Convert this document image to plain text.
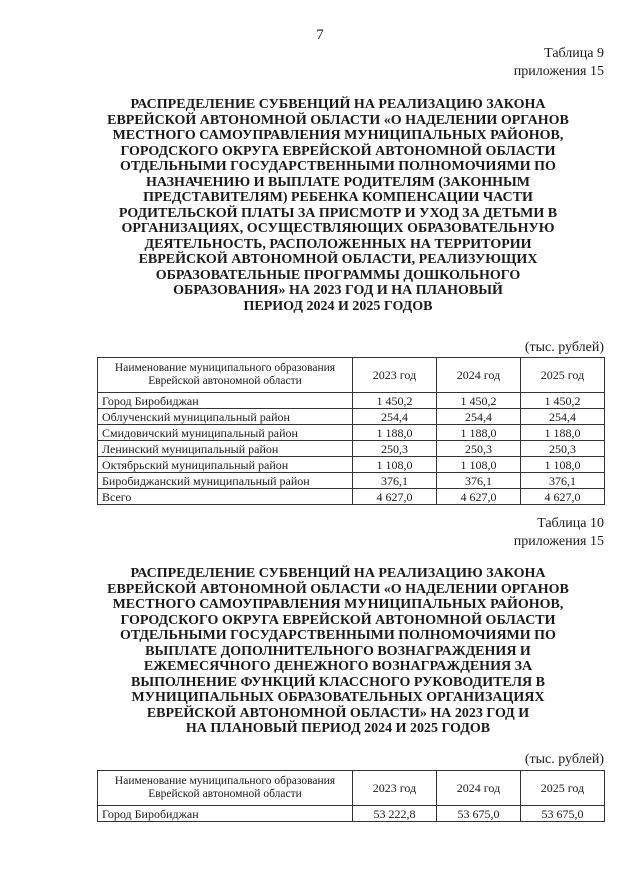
7
Таблица 9
приложения 15
РАСПРЕДЕЛЕНИЕ СУБВЕНЦИЙ НА РЕАЛИЗАЦИЮ ЗАКОНА
ЕВРЕЙСКОЙ АВТОНОМНОЙ ОБЛАСТИ «О НАДЕЛЕНИИ ОРГАНОВ
МЕСТНОГО САМОУПРАВЛЕНИЯ МУНИЦИПАЛЬНЫХ РАЙОНОВ,
ГОРОДСКОГО ОКРУГА ЕВРЕЙСКОЙ АВТОНОМНОЙ ОБЛАСТИ
ОТДЕЛЬНЫМИ ГОСУДАРСТВЕННЫМИ ПОЛНОМОЧИЯМИ ПО
НАЗНАЧЕНИЮ И ВЫПЛАТЕ РОДИТЕЛЯМ (ЗАКОННЫМ
ПРЕДСТАВИТЕЛЯМ) РЕБЕНКА КОМПЕНСАЦИИ ЧАСТИ
РОДИТЕЛЬСКОЙ ПЛАТЫ ЗА ПРИСМОТР И УХОД ЗА ДЕТЬМИ В
ОРГАНИЗАЦИЯХ, ОСУЩЕСТВЛЯЮЩИХ ОБРАЗОВАТЕЛЬНУЮ
ДЕЯТЕЛЬНОСТЬ, РАСПОЛОЖЕННЫХ НА ТЕРРИТОРИИ
ЕВРЕЙСКОЙ АВТОНОМНОЙ ОБЛАСТИ, РЕАЛИЗУЮЩИХ
ОБРАЗОВАТЕЛЬНЫЕ ПРОГРАММЫ ДОШКОЛЬНОГО
ОБРАЗОВАНИЯ» НА 2023 ГОД И НА ПЛАНОВЫЙ
ПЕРИОД 2024 И 2025 ГОДОВ
(тыс. рублей)
Наименование муниципального образования
Еврейской автономной области	2023 год	2024 год	2025 год
Город Биробиджан	1 450,2	1 450,2	1 450,2
Облученский муниципальный район	254,4	254,4	254,4
Смидовичский муниципальный район	1 188,0	1 188,0	1 188,0
Ленинский муниципальный район	250,3	250,3	250,3
Октябрьский муниципальный район	1 108,0	1 108,0	1 108,0
Биробиджанский муниципальный район	376,1	376,1	376,1
Всего	4 627,0	4 627,0	4 627,0
Таблица 10
приложения 15
РАСПРЕДЕЛЕНИЕ СУБВЕНЦИЙ НА РЕАЛИЗАЦИЮ ЗАКОНА
ЕВРЕЙСКОЙ АВТОНОМНОЙ ОБЛАСТИ «О НАДЕЛЕНИИ ОРГАНОВ
МЕСТНОГО САМОУПРАВЛЕНИЯ МУНИЦИПАЛЬНЫХ РАЙОНОВ,
ГОРОДСКОГО ОКРУГА ЕВРЕЙСКОЙ АВТОНОМНОЙ ОБЛАСТИ
ОТДЕЛЬНЫМИ ГОСУДАРСТВЕННЫМИ ПОЛНОМОЧИЯМИ ПО
ВЫПЛАТЕ ДОПОЛНИТЕЛЬНОГО ВОЗНАГРАЖДЕНИЯ И
ЕЖЕМЕСЯЧНОГО ДЕНЕЖНОГО ВОЗНАГРАЖДЕНИЯ ЗА
ВЫПОЛНЕНИЕ ФУНКЦИЙ КЛАССНОГО РУКОВОДИТЕЛЯ В
МУНИЦИПАЛЬНЫХ ОБРАЗОВАТЕЛЬНЫХ ОРГАНИЗАЦИЯХ
ЕВРЕЙСКОЙ АВТОНОМНОЙ ОБЛАСТИ» НА 2023 ГОД И
НА ПЛАНОВЫЙ ПЕРИОД 2024 И 2025 ГОДОВ
(тыс. рублей)
Наименование муниципального образования
Еврейской автономной области	2023 год	2024 год	2025 год
Город Биробиджан	53 222,8	53 675,0	53 675,0
